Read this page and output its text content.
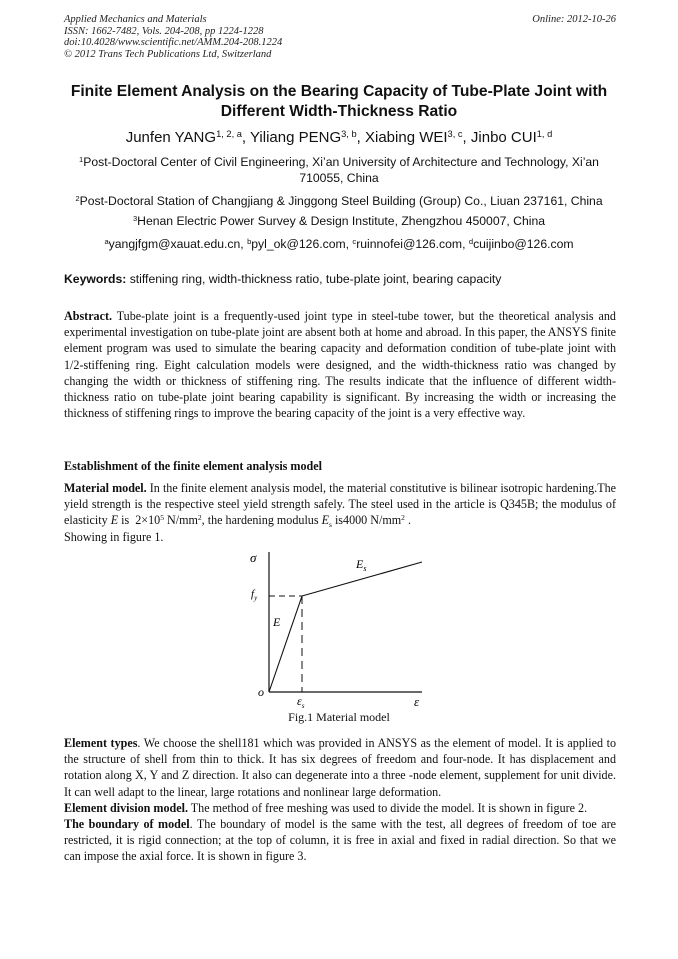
Applied Mechanics and Materials
ISSN: 1662-7482, Vols. 204-208, pp 1224-1228
doi:10.4028/www.scientific.net/AMM.204-208.1224
© 2012 Trans Tech Publications Ltd, Switzerland
Online: 2012-10-26
Finite Element Analysis on the Bearing Capacity of Tube-Plate Joint with Different Width-Thickness Ratio
Junfen YANG$^{1, 2, a}$, Yiliang PENG$^{3, b}$, Xiabing WEI$^{3, c}$, Jinbo CUI$^{1, d}$
$^1$Post-Doctoral Center of Civil Engineering, Xi’an University of Architecture and Technology, Xi’an 710055, China
$^2$Post-Doctoral Station of Changjiang & Jinggong Steel Building (Group) Co., Liuan 237161, China
$^3$Henan Electric Power Survey & Design Institute, Zhengzhou 450007, China
$^a$yangjfgm@xauat.edu.cn, $^b$pyl_ok@126.com, $^c$ruinnofei@126.com, $^d$cuijinbo@126.com
Keywords: stiffening ring, width-thickness ratio, tube-plate joint, bearing capacity
Abstract. Tube-plate joint is a frequently-used joint type in steel-tube tower, but the theoretical analysis and experimental investigation on tube-plate joint are absent both at home and abroad. In this paper, the ANSYS finite element program was used to simulate the bearing capacity and deformation condition of tube-plate joint with 1/2-stiffening ring. Eight calculation models were designed, and the width-thickness ratio was changed by changing the width or thickness of stiffening ring. The results indicate that the influence of different width-thickness ratio on tube-plate joint bearing capability is significant. By increasing the width or increasing the thickness of stiffening rings to improve the bearing capacity of the joint is a very effective way.
Establishment of the finite element analysis model
Material model. In the finite element analysis model, the material constitutive is bilinear isotropic hardening.The yield strength is the respective steel yield strength safely. The steel used in the article is Q345B; the modulus of elasticity E is $2\times 10^5$ $N/mm^2$, the hardening modulus $E_s$ is4000 $N/mm^2$ .
Showing in figure 1.
σ
$f_y$
E
$E_s$
o
$\varepsilon_s$	ε
Fig.1 Material model
Element types. We choose the shell181 which was provided in ANSYS as the element of model. It is applied to the structure of shell from thin to thick. It has six degrees of freedom and four-node. It has displacement and rotation along X, Y and Z direction. It also can degenerate into a three -node element, supplement for unit divide. It can well adapt to the linear, large rotations and nonlinear large deformation.
Element division model. The method of free meshing was used to divide the model. It is shown in figure 2.
The boundary of model. The boundary of model is the same with the test, all degrees of freedom of toe are restricted, it is rigid connection; at the top of column, it is free in axial and fixed in radial direction. So that we can impose the axial force. It is shown in figure 3.
